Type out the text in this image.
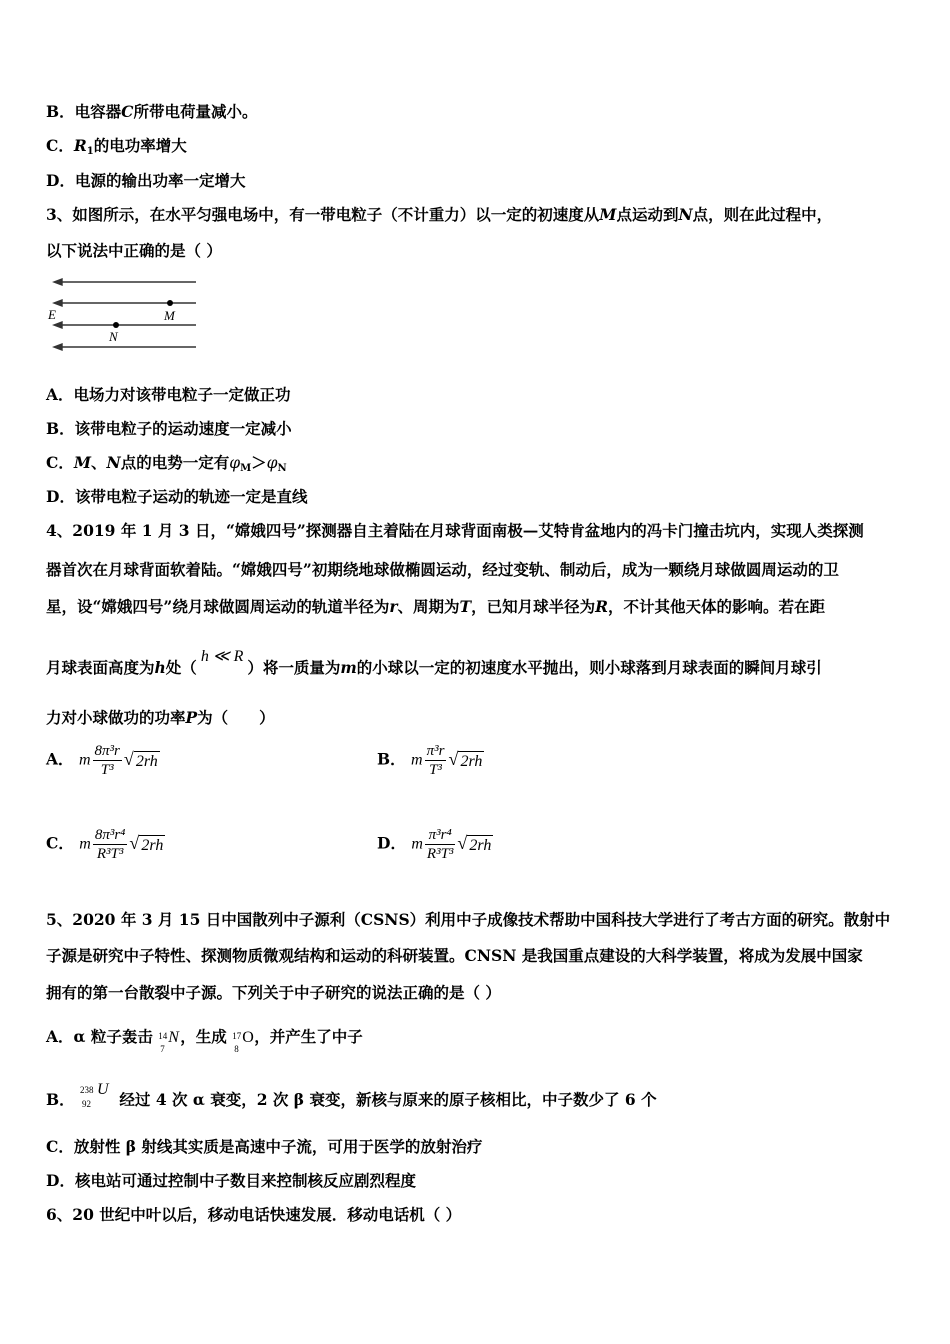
B．电容器C所带电荷量减小。
C．$R_1$的电功率增大
D．电源的输出功率一定增大
3、如图所示，在水平匀强电场中，有一带电粒子（不计重力）以一定的初速度从M点运动到N点，则在此过程中，
以下说法中正确的是（ ）
E	M
N
A．电场力对该带电粒子一定做正功
B．该带电粒子的运动速度一定减小
C．M、N点的电势一定有$\varphi_M>\varphi_N$
D．该带电粒子运动的轨迹一定是直线
4、2019 年 1 月 3 日，“嫦娥四号”探测器自主着陆在月球背面南极—艾特肯盆地内的冯卡门撞击坑内，实现人类探测
器首次在月球背面软着陆。“嫦娥四号”初期绕地球做椭圆运动，经过变轨、制动后，成为一颗绕月球做圆周运动的卫
星，设“嫦娥四号”绕月球做圆周运动的轨道半径为r、周期为T，已知月球半径为R，不计其他天体的影响。若在距
月球表面高度为h处（h ≪ R）将一质量为m的小球以一定的初速度水平抛出，则小球落到月球表面的瞬间月球引
力对小球做功的功率P为（　　）
A． m $\frac{\text{8π³r}}{\text{T³}}$ √ 2rh	B． m $\frac{\text{π³r}}{\text{T³}}$ √ 2rh
C． m $\frac{\text{8π³r⁴}}{\text{R³T³}}$ √ 2rh	D． m $\frac{\text{π³r⁴}}{\text{R³T³}}$ √ 2rh
5、2020 年 3 月 15 日中国散列中子源利（CSNS）利用中子成像技术帮助中国科技大学进行了考古方面的研究。散射中
子源是研究中子特性、探测物质微观结构和运动的科研装置。CNSN 是我国重点建设的大科学装置，将成为发展中国家
拥有的第一台散裂中子源。下列关于中子研究的说法正确的是（ ）
A．α 粒子轰击 14
7
N ，生成 17
8
O ，并产生了中子
B． 238
92
U
经过 4 次 α 衰变，2 次 β 衰变，新核与原来的原子核相比，中子数少了 6 个
C．放射性 β 射线其实质是高速中子流，可用于医学的放射治疗
D．核电站可通过控制中子数目来控制核反应剧烈程度
6、20 世纪中叶以后，移动电话快速发展．移动电话机（ ）
